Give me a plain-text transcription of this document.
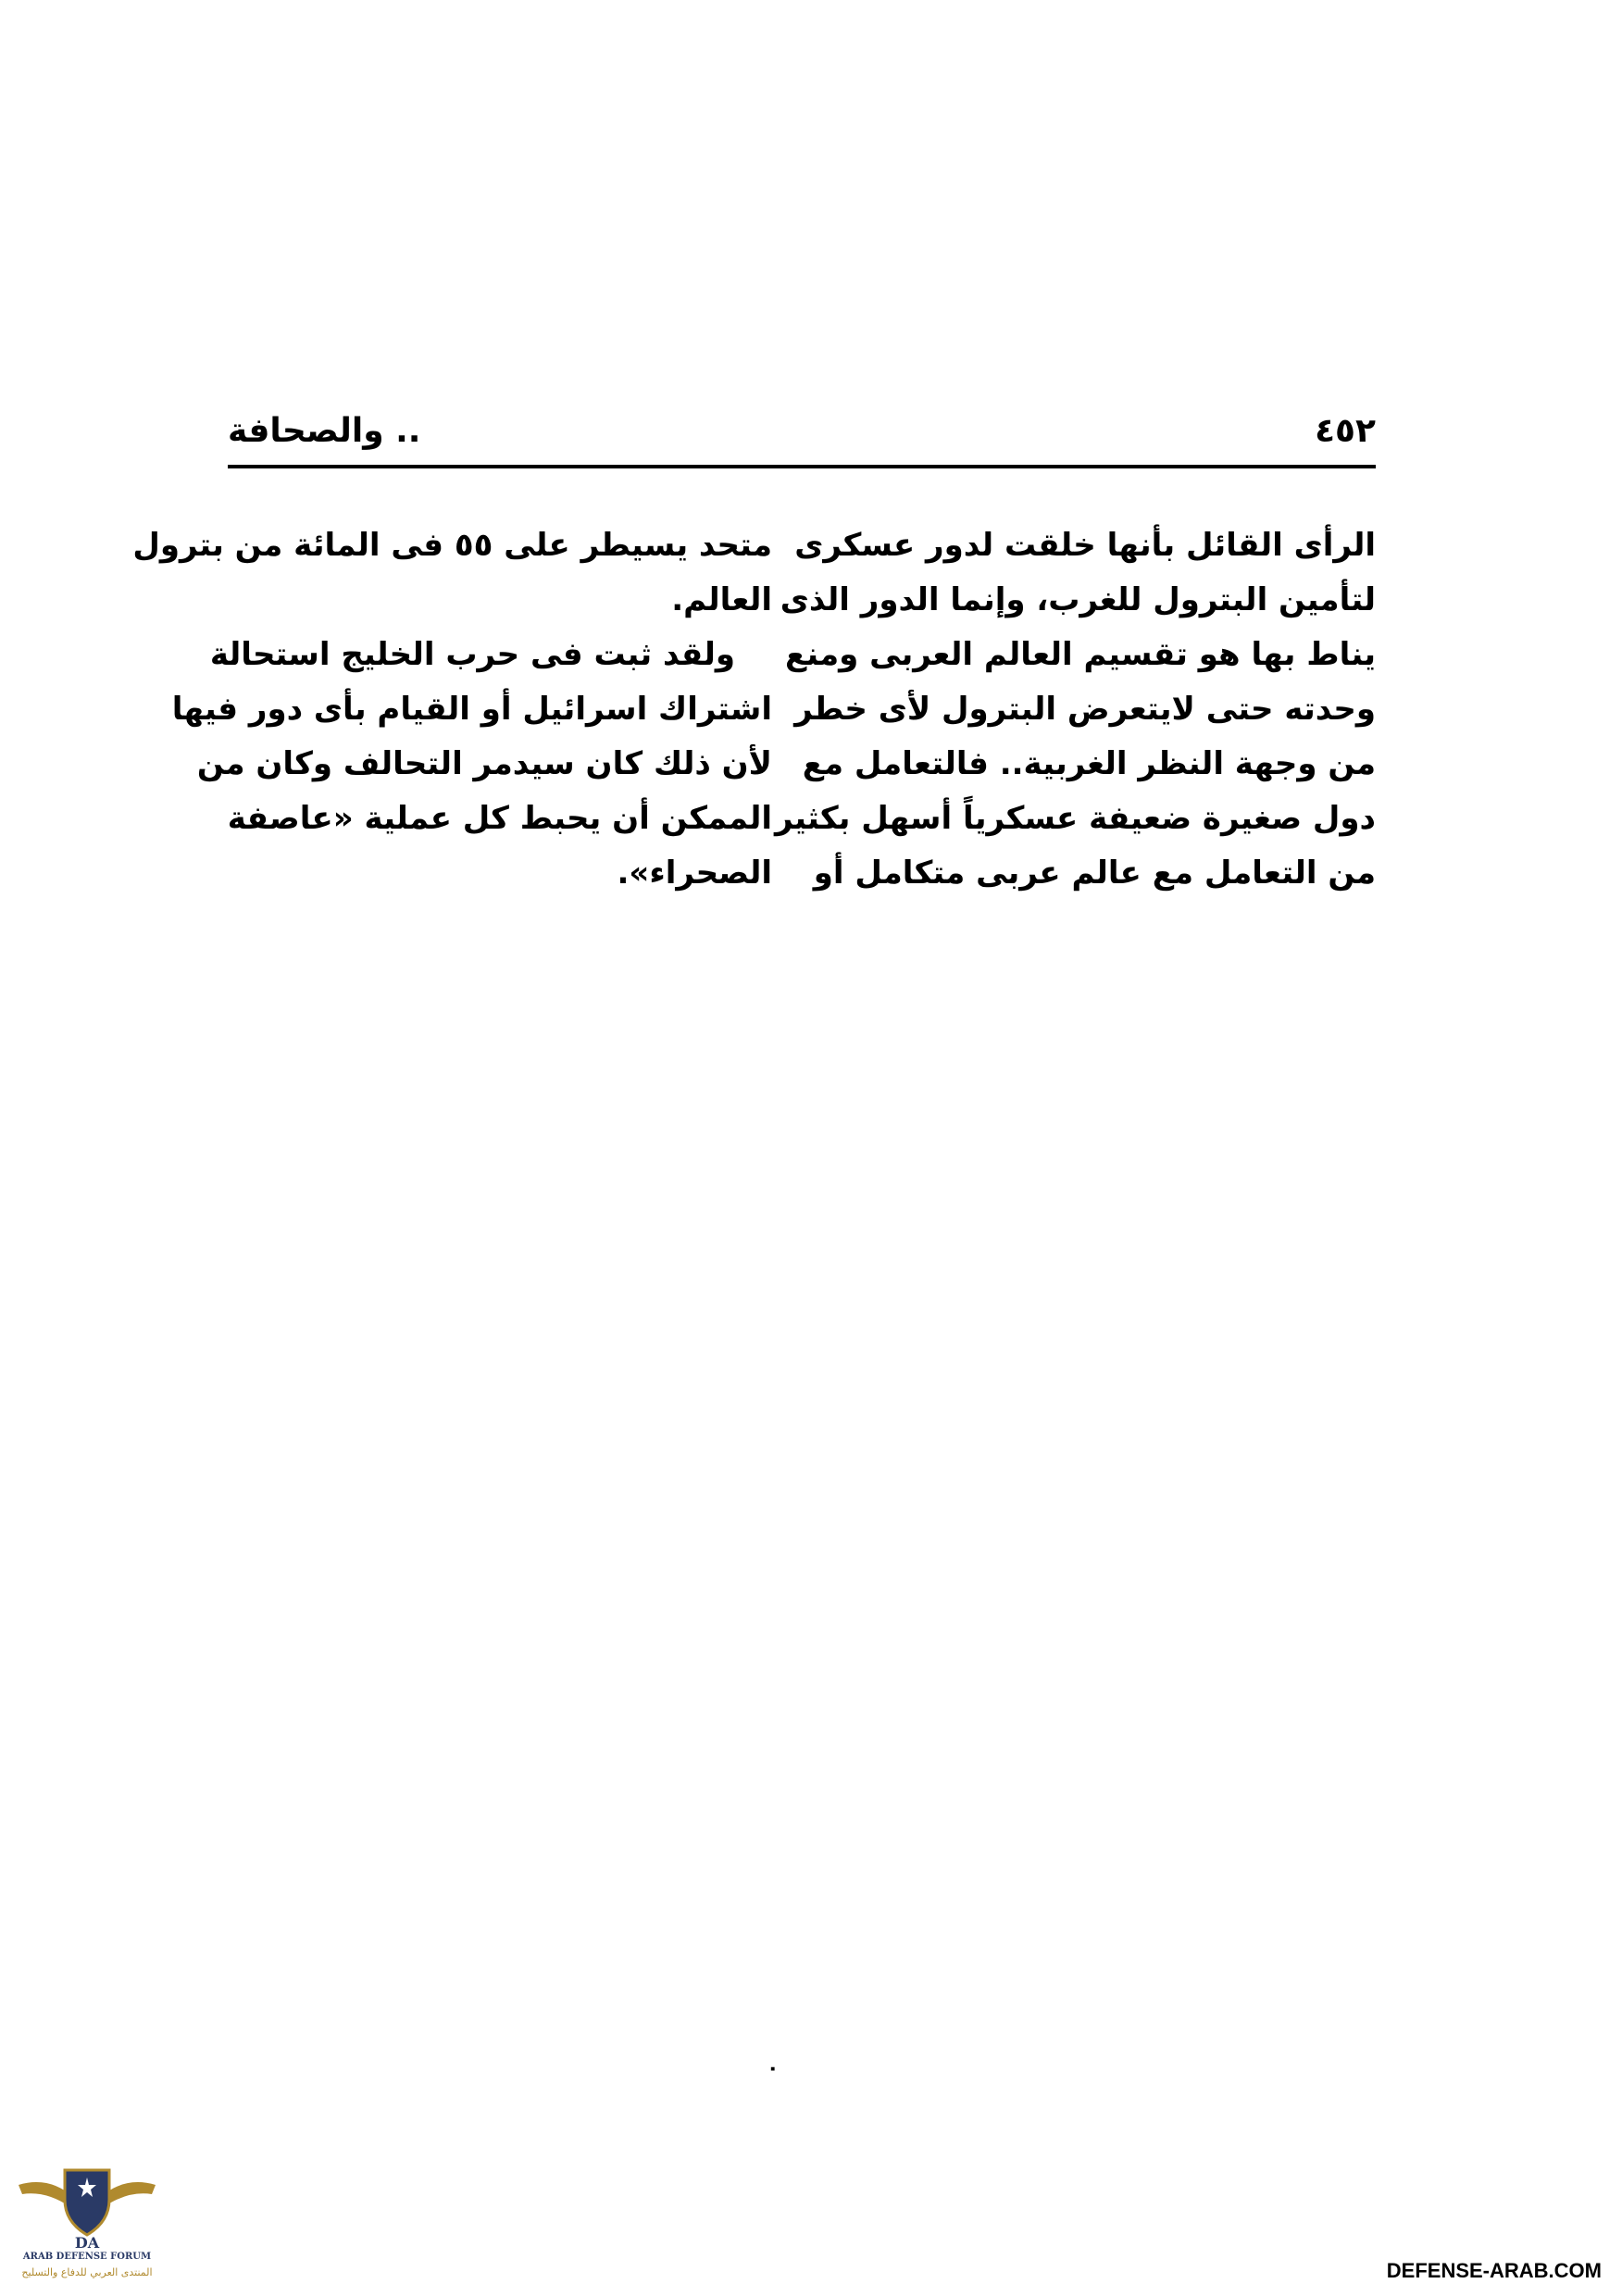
٤٥٢
.. والصحافة
الرأى القائل بأنها خلقت لدور عسكرى
لتأمين البترول للغرب، وإنما الدور الذى
يناط بها هو تقسيم العالم العربى ومنع
وحدته حتى لايتعرض البترول لأى خطر
من وجهة النظر الغربية.. فالتعامل مع
دول صغيرة ضعيفة عسكرياً أسهل بكثير
من التعامل مع عالم عربى متكامل أو
متحد يسيطر على ٥٥ فى المائة من بترول
العالم.
ولقد ثبت فى حرب الخليج استحالة
اشتراك اسرائيل أو القيام بأى دور فيها
لأن ذلك كان سيدمر التحالف وكان من
الممكن أن يحبط كل عملية «عاصفة
الصحراء».
٠
DA
ARAB DEFENSE FORUM
المنتدى العربي للدفاع والتسليح	DEFENSE-ARAB.COM
